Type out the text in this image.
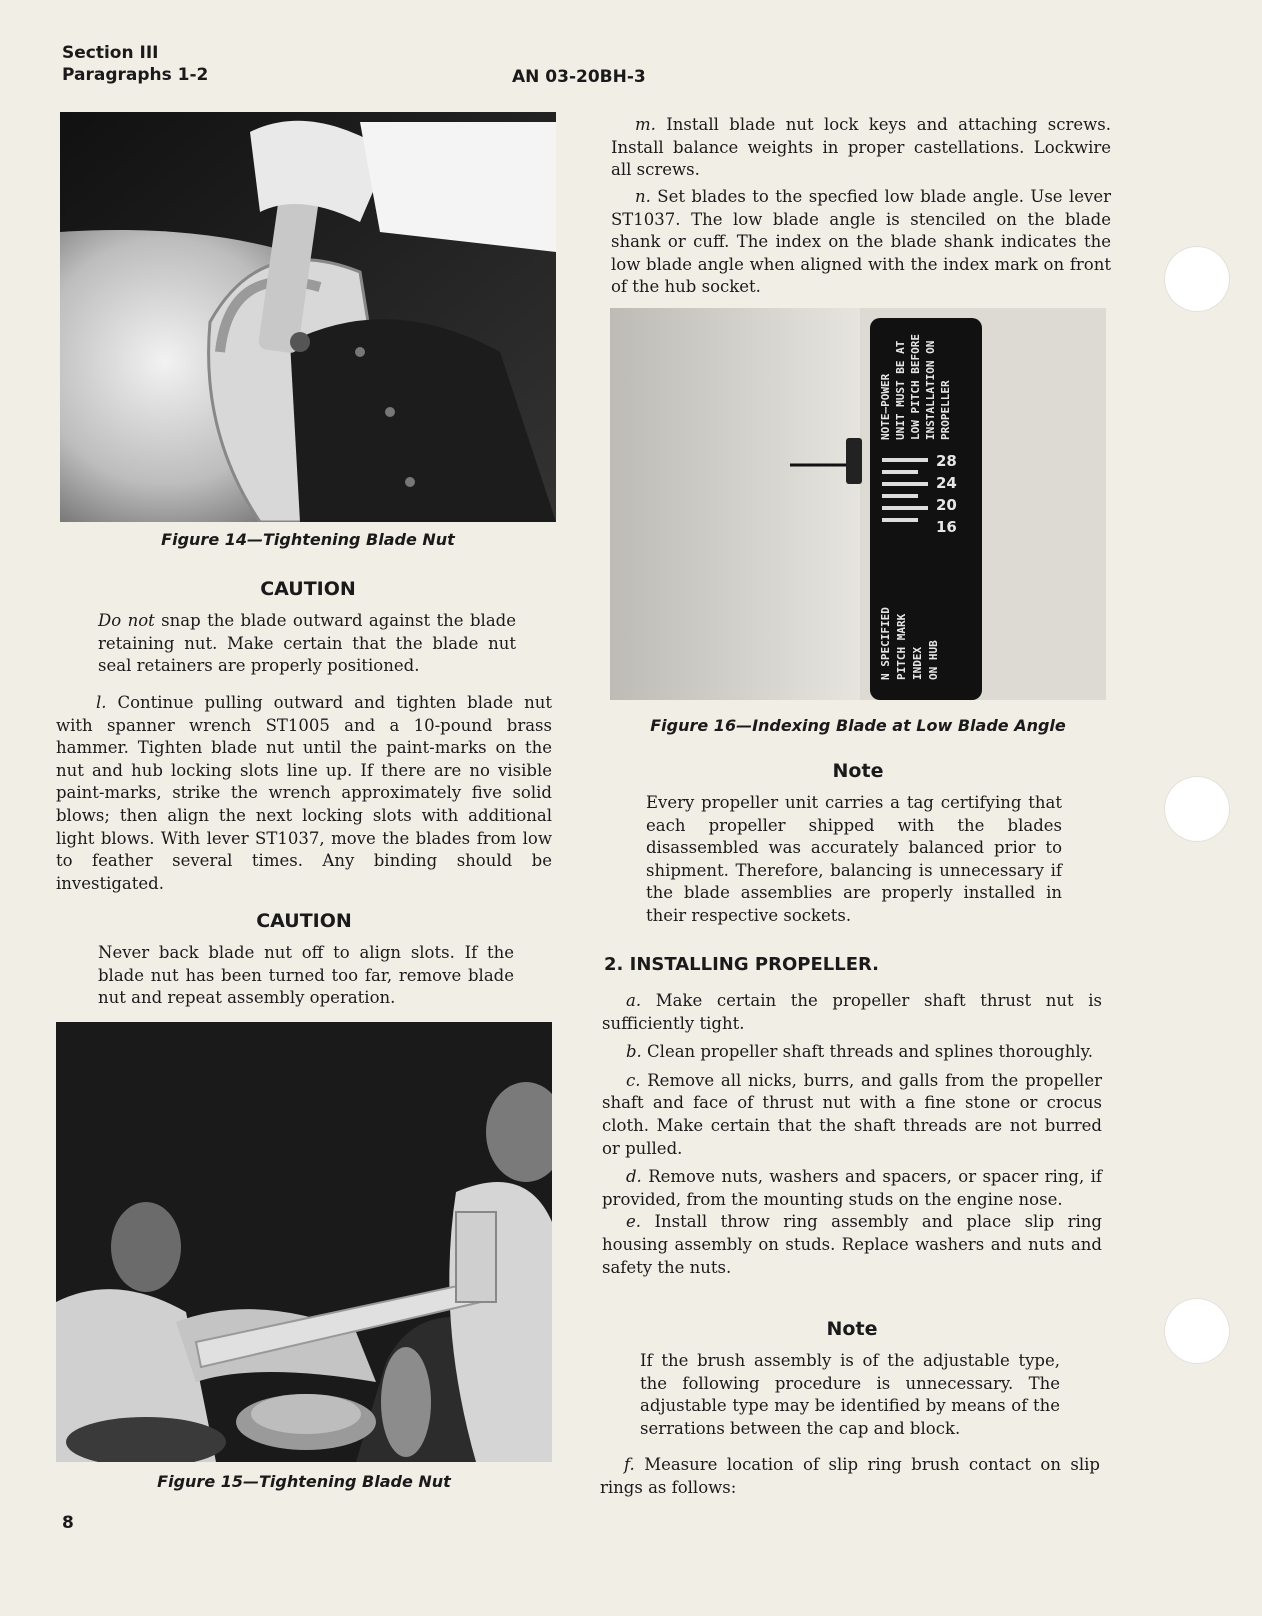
Section III
Paragraphs 1-2	AN 03-20BH-3
Figure 14—Tightening Blade Nut
CAUTION

Do not snap the blade outward against the blade retaining nut. Make certain that the blade nut seal retainers are properly positioned.

l. Continue pulling outward and tighten blade nut with spanner wrench ST1005 and a 10-pound brass hammer. Tighten blade nut until the paint-marks on the nut and hub locking slots line up. If there are no visible paint-marks, strike the wrench approximately five solid blows; then align the next locking slots with additional light blows. With lever ST1037, move the blades from low to feather several times. Any binding should be investigated.

CAUTION

Never back blade nut off to align slots. If the blade nut has been turned too far, remove blade nut and repeat assembly operation.

Figure 15—Tightening Blade Nut
8

m. Install blade nut lock keys and attaching screws. Install balance weights in proper castellations. Lockwire all screws.

n. Set blades to the specfied low blade angle. Use lever ST1037. The low blade angle is stenciled on the blade shank or cuff. The index on the blade shank indicates the low blade angle when aligned with the index mark on front of the hub socket.

NOTE—POWER UNIT MUST BE AT LOW PITCH BEFORE INSTALLATION ON PROPELLER
28
24
20
16
N SPECIFIED PITCH MARK INDEX ON HUB
Figure 16—Indexing Blade at Low Blade Angle
Note

Every propeller unit carries a tag certifying that each propeller shipped with the blades disassembled was accurately balanced prior to shipment. Therefore, balancing is unnecessary if the blade assemblies are properly installed in their respective sockets.

2. INSTALLING PROPELLER.

a. Make certain the propeller shaft thrust nut is sufficiently tight.

b. Clean propeller shaft threads and splines thoroughly.

c. Remove all nicks, burrs, and galls from the propeller shaft and face of thrust nut with a fine stone or crocus cloth. Make certain that the shaft threads are not burred or pulled.

d. Remove nuts, washers and spacers, or spacer ring, if provided, from the mounting studs on the engine nose.

e. Install throw ring assembly and place slip ring housing assembly on studs. Replace washers and nuts and safety the nuts.

Note

If the brush assembly is of the adjustable type, the following procedure is unnecessary. The adjustable type may be identified by means of the serrations between the cap and block.

f. Measure location of slip ring brush contact on slip rings as follows:
